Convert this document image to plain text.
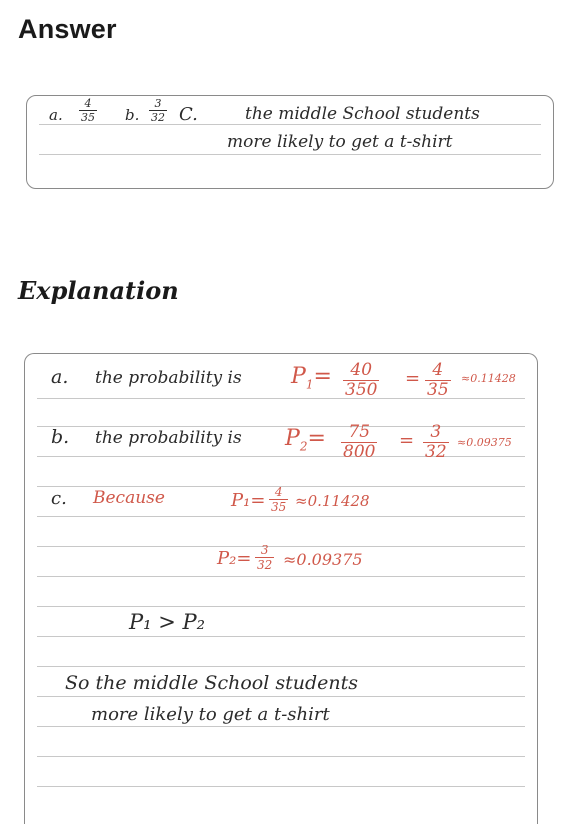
Answer
a. $\frac{4}{35} b$. $\frac{3}{32} C$.	the middle School students
more likely to get a t-shirt
Explanation
a. the probability is $P_1= \frac{40}{350} = \frac{4}{35} \approx 0.11428$
b. the probability is $P_2= \frac{75}{800} = \frac{3}{32} \approx 0.09375$
c. Because	$P_1= \frac{4}{35} \approx 0.11428$
$P_2= \frac{3}{32} \approx 0.09375$
P₁ > P₂
So the middle School students
more likely to get a t-shirt
